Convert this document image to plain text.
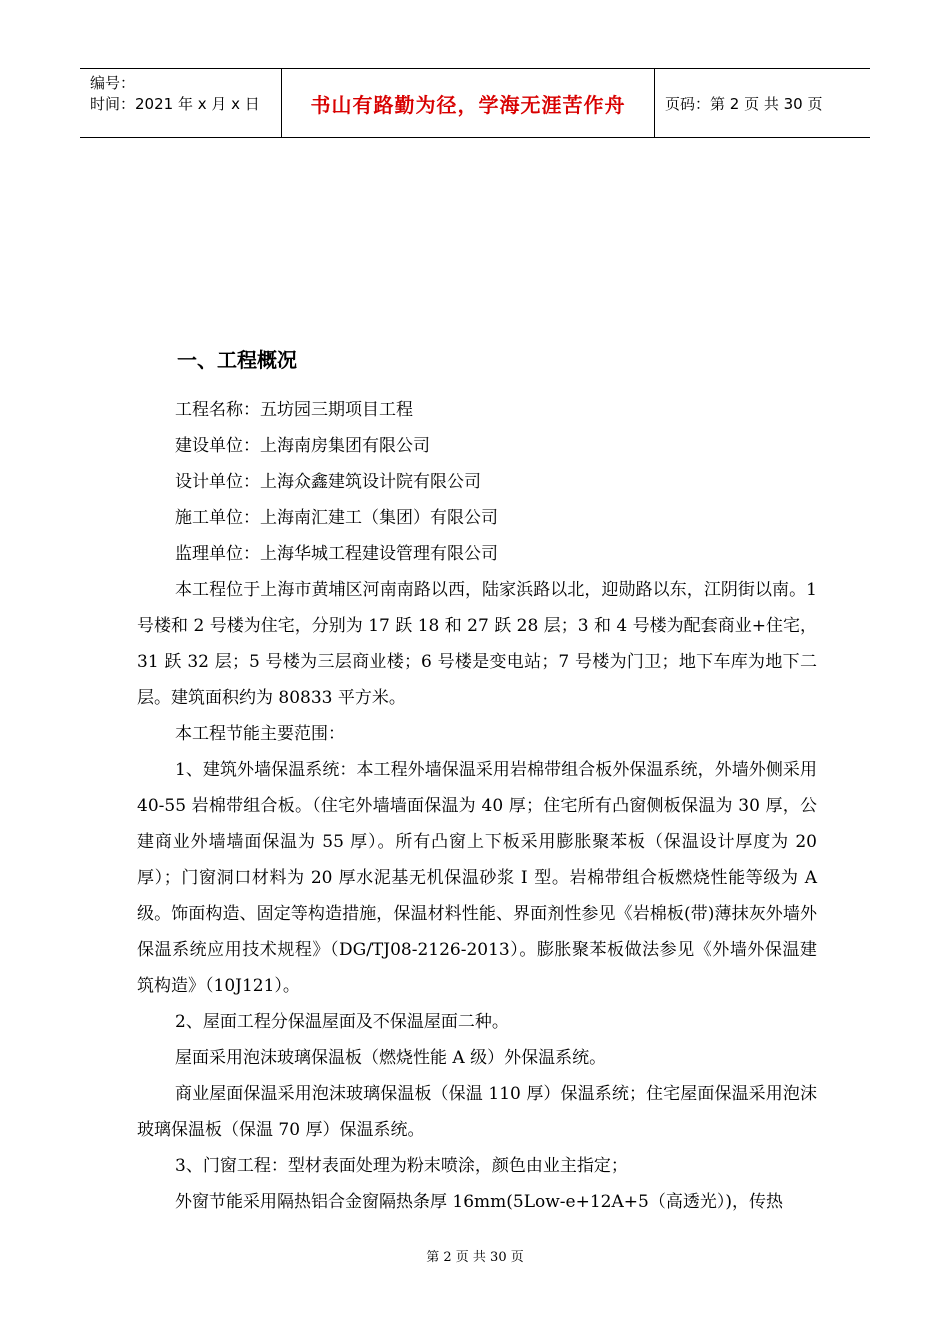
编号：
时间：2021 年 x 月 x 日	书山有路勤为径，学海无涯苦作舟	页码：第 2 页 共 30 页
一、工程概况

工程名称：五坊园三期项目工程

建设单位：上海南房集团有限公司

设计单位：上海众鑫建筑设计院有限公司

施工单位：上海南汇建工（集团）有限公司

监理单位：上海华城工程建设管理有限公司

本工程位于上海市黄埔区河南南路以西，陆家浜路以北，迎勋路以东，江阴街以南。1 号楼和 2 号楼为住宅，分别为 17 跃 18 和 27 跃 28 层；3 和 4 号楼为配套商业+住宅，31 跃 32 层；5 号楼为三层商业楼；6 号楼是变电站；7 号楼为门卫；地下车库为地下二层。建筑面积约为 80833 平方米。

本工程节能主要范围：

1、建筑外墙保温系统：本工程外墙保温采用岩棉带组合板外保温系统，外墙外侧采用 40-55 岩棉带组合板。（住宅外墙墙面保温为 40 厚；住宅所有凸窗侧板保温为 30 厚，公建商业外墙墙面保温为 55 厚）。所有凸窗上下板采用膨胀聚苯板（保温设计厚度为 20 厚）；门窗洞口材料为 20 厚水泥基无机保温砂浆 Ⅰ 型。岩棉带组合板燃烧性能等级为 A 级。饰面构造、固定等构造措施，保温材料性能、界面剂性参见《岩棉板(带)薄抹灰外墙外保温系统应用技术规程》（DG/TJ08-2126-2013）。膨胀聚苯板做法参见《外墙外保温建筑构造》（10J121）。

2、屋面工程分保温屋面及不保温屋面二种。

屋面采用泡沫玻璃保温板（燃烧性能 A 级）外保温系统。

商业屋面保温采用泡沫玻璃保温板（保温 110 厚）保温系统；住宅屋面保温采用泡沫玻璃保温板（保温 70 厚）保温系统。

3、门窗工程：型材表面处理为粉末喷涂，颜色由业主指定；

外窗节能采用隔热铝合金窗隔热条厚 16mm(5Low-e+12A+5（高透光）)，传热

第 2 页 共 30 页
